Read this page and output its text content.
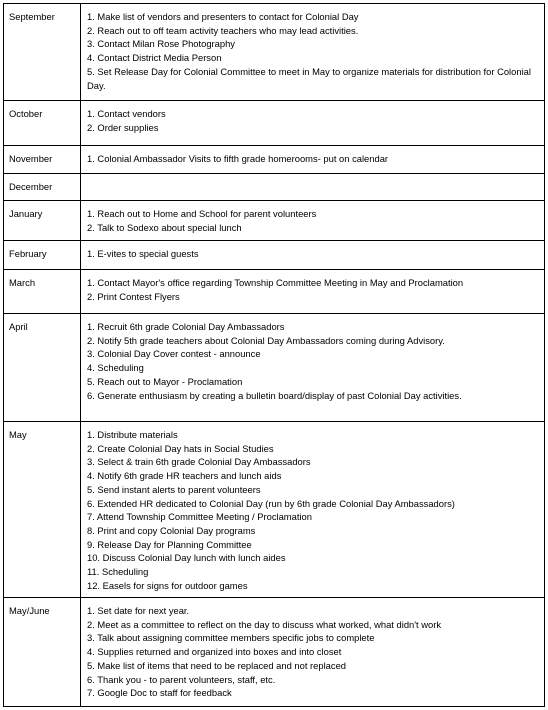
September	1. Make list of vendors and presenters to contact for Colonial Day
2. Reach out to off team activity teachers who may lead activities.
3. Contact Milan Rose Photography
4. Contact District Media Person
5. Set Release Day for Colonial Committee to meet in May to organize materials for distribution for Colonial Day.
October	1. Contact vendors
2. Order supplies
November	1. Colonial Ambassador Visits to fifth grade homerooms- put on calendar
December
January	1. Reach out to Home and School for parent volunteers
2. Talk to Sodexo about special lunch
February	1. E-vites to special guests
March	1. Contact Mayor's office regarding Township Committee Meeting in May and Proclamation
2. Print Contest Flyers
April	1. Recruit 6th grade Colonial Day Ambassadors
2. Notify 5th grade teachers about Colonial Day Ambassadors coming during Advisory.
3. Colonial Day Cover contest - announce
4. Scheduling
5. Reach out to Mayor - Proclamation
6. Generate enthusiasm by creating a bulletin board/display of past Colonial Day activities.
May	1. Distribute materials
2. Create Colonial Day hats in Social Studies
3. Select & train 6th grade Colonial Day Ambassadors
4. Notify 6th grade HR teachers and lunch aids
5. Send instant alerts to parent volunteers
6. Extended HR dedicated to Colonial Day (run by 6th grade Colonial Day Ambassadors)
7. Attend Township Committee Meeting / Proclamation
8. Print and copy Colonial Day programs
9. Release Day for Planning Committee
10. Discuss Colonial Day lunch with lunch aides
11. Scheduling
12. Easels for signs for outdoor games
May/June	1. Set date for next year.
2. Meet as a committee to reflect on the day to discuss what worked, what didn't work
3. Talk about assigning committee members specific jobs to complete
4. Supplies returned and organized into boxes and into closet
5. Make list of items that need to be replaced and not replaced
6. Thank you - to parent volunteers, staff, etc.
7. Google Doc to staff for feedback
